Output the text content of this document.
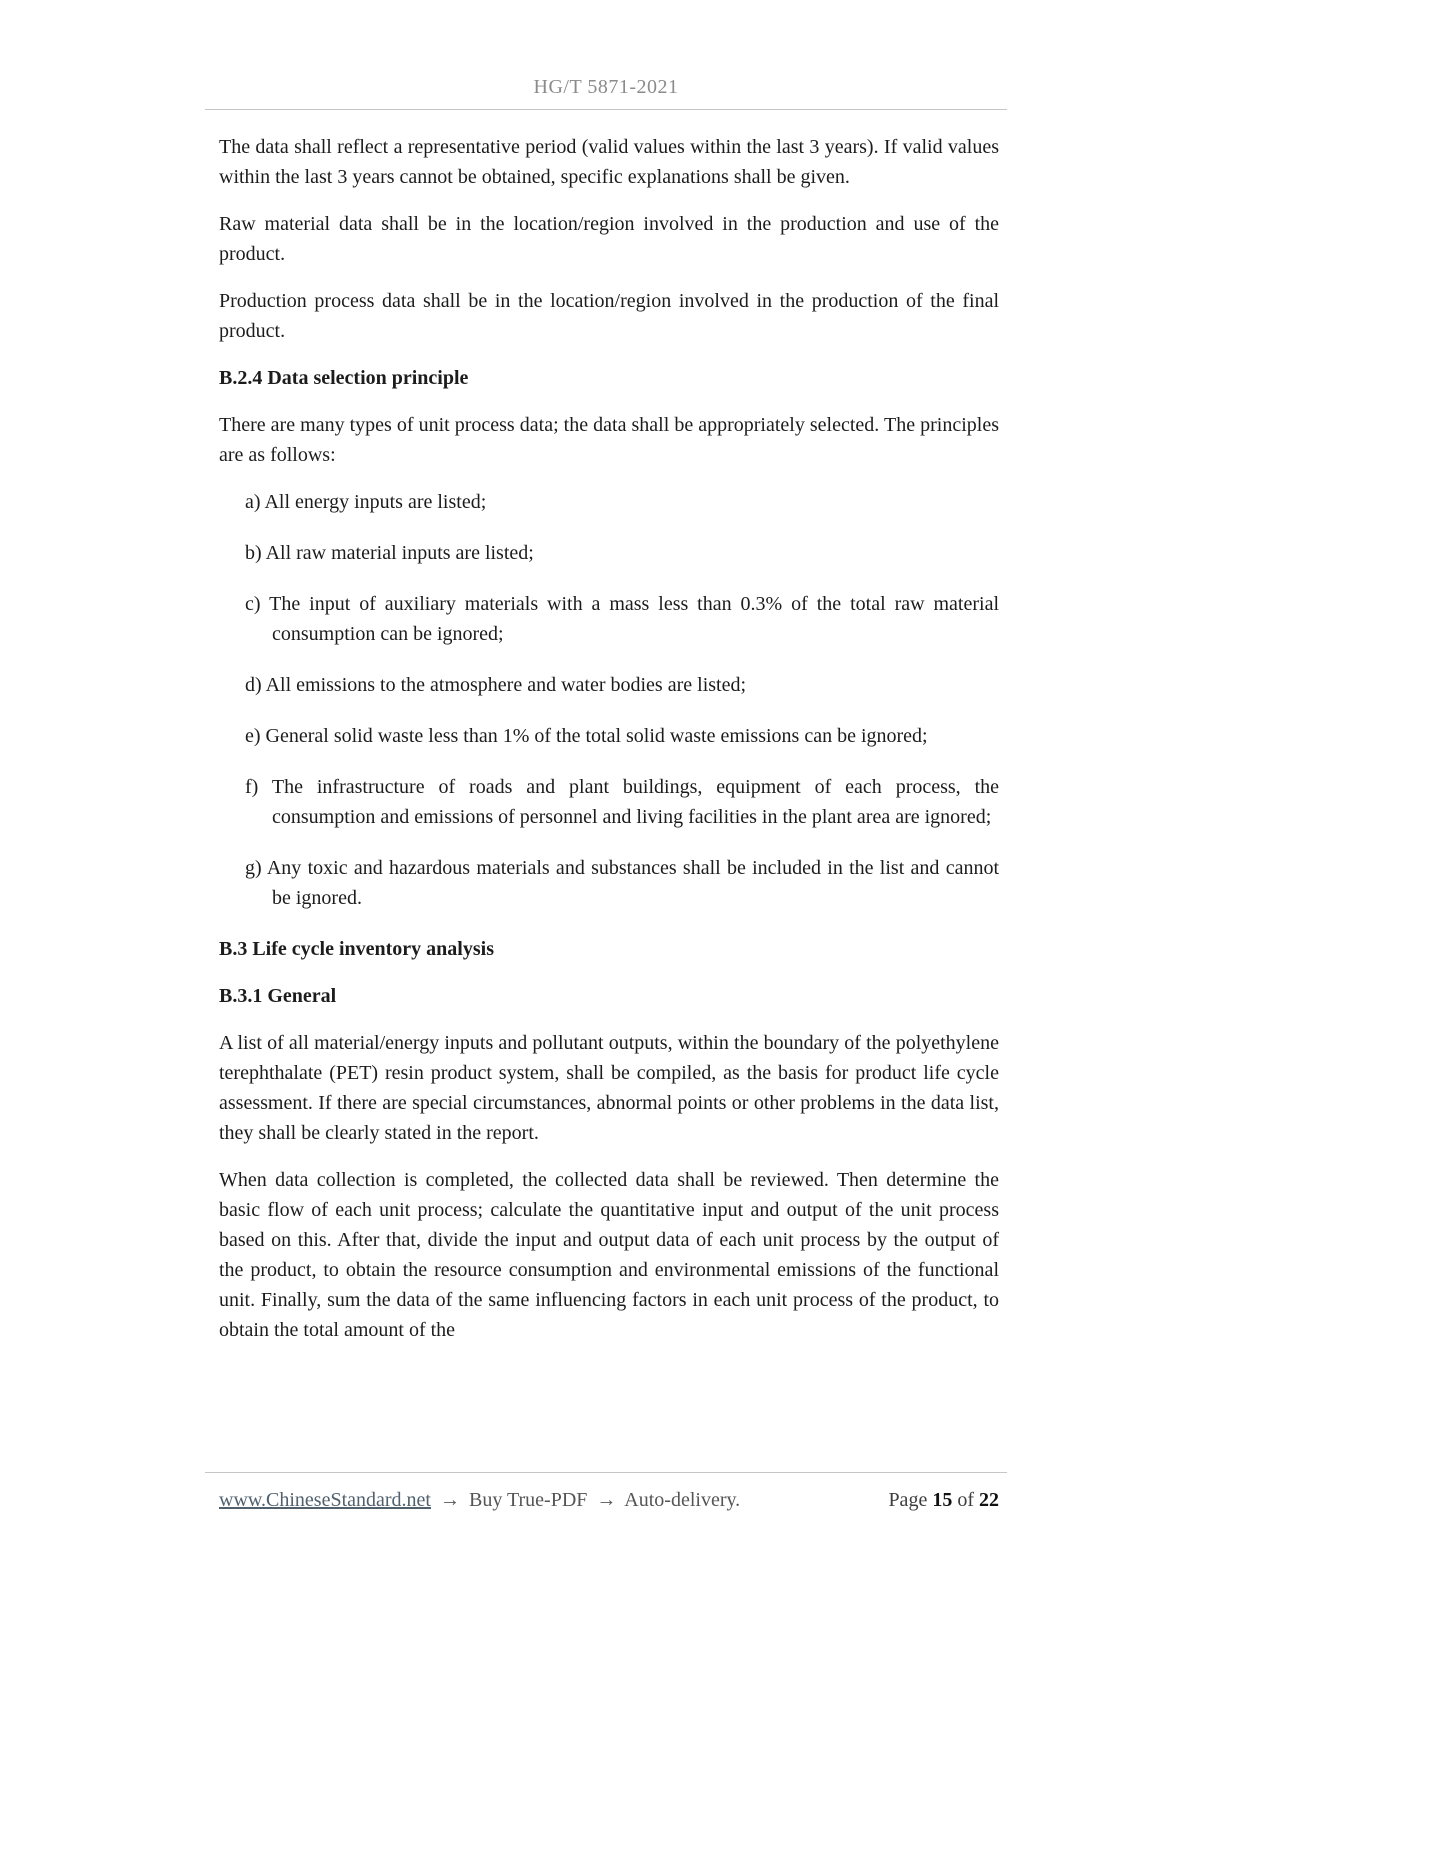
HG/T 5871-2021

The data shall reflect a representative period (valid values within the last 3 years). If valid values within the last 3 years cannot be obtained, specific explanations shall be given.

Raw material data shall be in the location/region involved in the production and use of the product.

Production process data shall be in the location/region involved in the production of the final product.

B.2.4 Data selection principle

There are many types of unit process data; the data shall be appropriately selected. The principles are as follows:

a) All energy inputs are listed;
b) All raw material inputs are listed;
c) The input of auxiliary materials with a mass less than 0.3% of the total raw material consumption can be ignored;
d) All emissions to the atmosphere and water bodies are listed;
e) General solid waste less than 1% of the total solid waste emissions can be ignored;
f) The infrastructure of roads and plant buildings, equipment of each process, the consumption and emissions of personnel and living facilities in the plant area are ignored;
g) Any toxic and hazardous materials and substances shall be included in the list and cannot be ignored.
B.3 Life cycle inventory analysis
B.3.1 General

A list of all material/energy inputs and pollutant outputs, within the boundary of the polyethylene terephthalate (PET) resin product system, shall be compiled, as the basis for product life cycle assessment. If there are special circumstances, abnormal points or other problems in the data list, they shall be clearly stated in the report.

When data collection is completed, the collected data shall be reviewed. Then determine the basic flow of each unit process; calculate the quantitative input and output of the unit process based on this. After that, divide the input and output data of each unit process by the output of the product, to obtain the resource consumption and environmental emissions of the functional unit. Finally, sum the data of the same influencing factors in each unit process of the product, to obtain the total amount of the

www.ChineseStandard.net → Buy True-PDF → Auto-delivery.	Page 15 of 22
